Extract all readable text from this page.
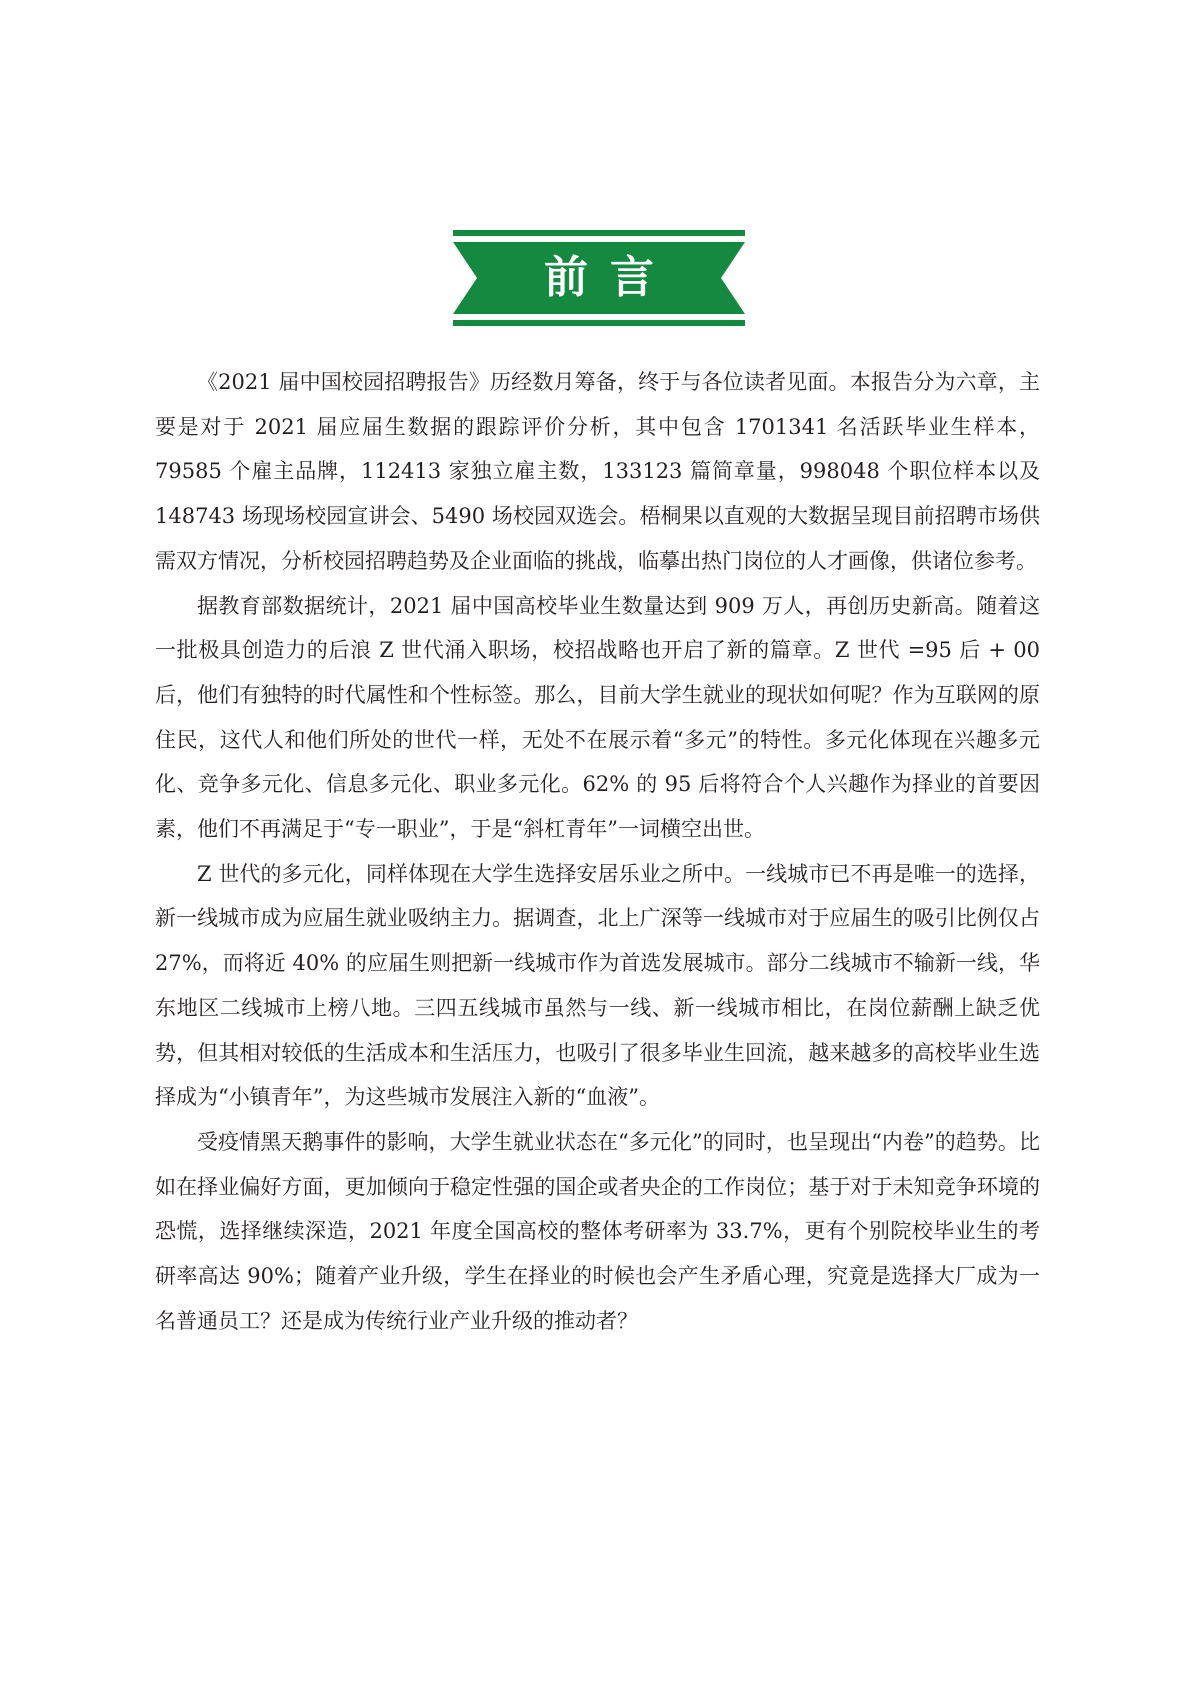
前言

《2021 届中国校园招聘报告》历经数月筹备，终于与各位读者见面。本报告分为六章，主要是对于 2021 届应届生数据的跟踪评价分析，其中包含 1701341 名活跃毕业生样本，79585 个雇主品牌，112413 家独立雇主数，133123 篇简章量，998048 个职位样本以及 148743 场现场校园宣讲会、5490 场校园双选会。梧桐果以直观的大数据呈现目前招聘市场供需双方情况，分析校园招聘趋势及企业面临的挑战，临摹出热门岗位的人才画像，供诸位参考。

据教育部数据统计，2021 届中国高校毕业生数量达到 909 万人，再创历史新高。随着这一批极具创造力的后浪 Z 世代涌入职场，校招战略也开启了新的篇章。Z 世代 =95 后 + 00 后，他们有独特的时代属性和个性标签。那么，目前大学生就业的现状如何呢？作为互联网的原住民，这代人和他们所处的世代一样，无处不在展示着“多元”的特性。多元化体现在兴趣多元化、竞争多元化、信息多元化、职业多元化。62% 的 95 后将符合个人兴趣作为择业的首要因素，他们不再满足于“专一职业”，于是“斜杠青年”一词横空出世。

Z 世代的多元化，同样体现在大学生选择安居乐业之所中。一线城市已不再是唯一的选择，新一线城市成为应届生就业吸纳主力。据调查，北上广深等一线城市对于应届生的吸引比例仅占 27%，而将近 40% 的应届生则把新一线城市作为首选发展城市。部分二线城市不输新一线，华东地区二线城市上榜八地。三四五线城市虽然与一线、新一线城市相比，在岗位薪酬上缺乏优势，但其相对较低的生活成本和生活压力，也吸引了很多毕业生回流，越来越多的高校毕业生选择成为“小镇青年”，为这些城市发展注入新的“血液”。

受疫情黑天鹅事件的影响，大学生就业状态在“多元化”的同时，也呈现出“内卷”的趋势。比如在择业偏好方面，更加倾向于稳定性强的国企或者央企的工作岗位；基于对于未知竞争环境的恐慌，选择继续深造，2021 年度全国高校的整体考研率为 33.7%，更有个别院校毕业生的考研率高达 90%；随着产业升级，学生在择业的时候也会产生矛盾心理，究竟是选择大厂成为一名普通员工？还是成为传统行业产业升级的推动者？
